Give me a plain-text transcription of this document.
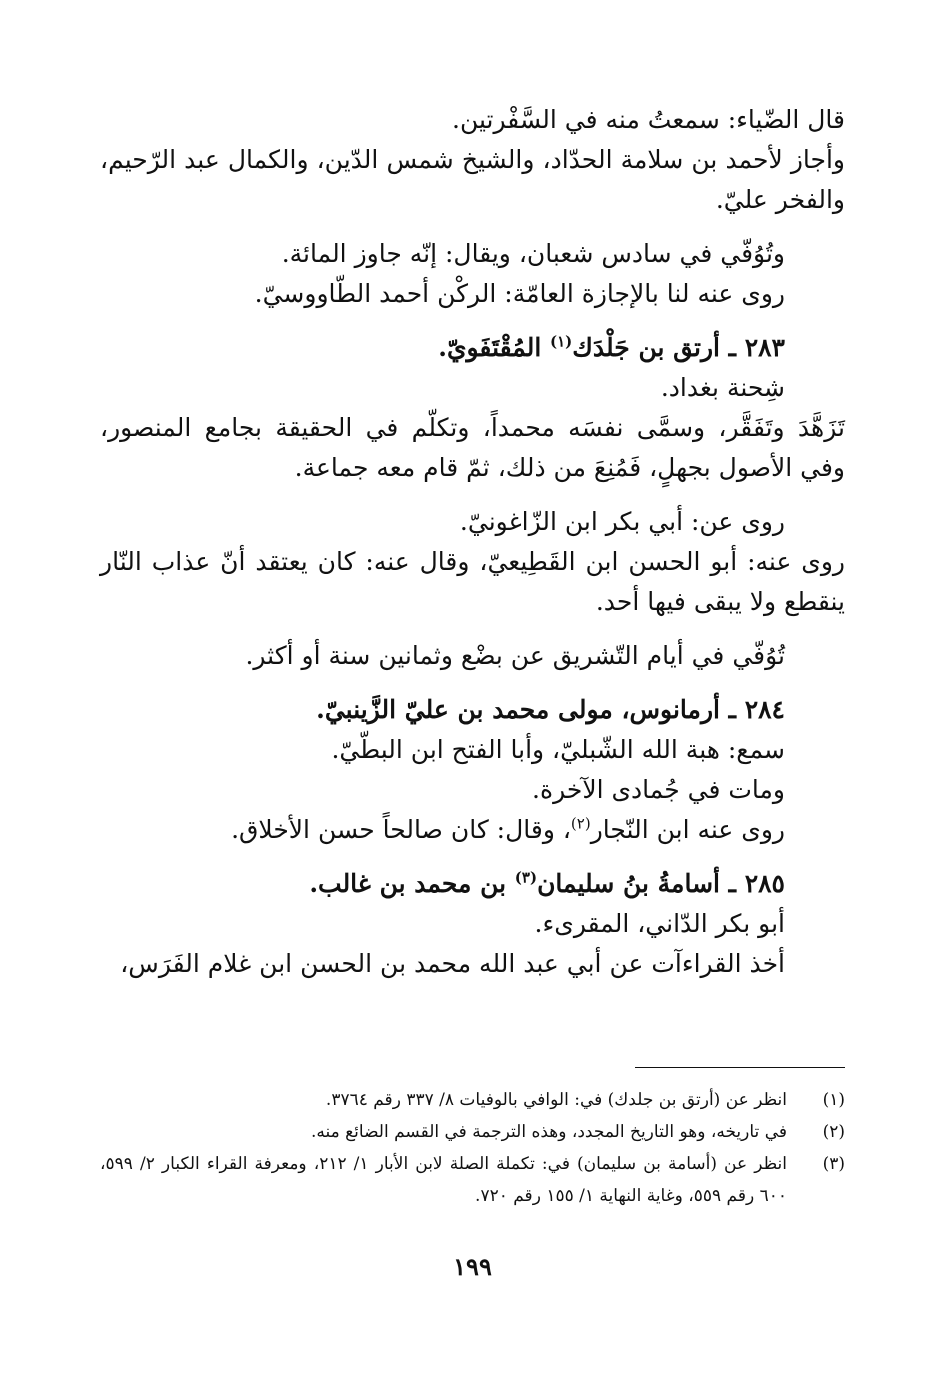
قال الضّياء: سمعتُ منه في السَّفْرتين.

وأجاز لأحمد بن سلامة الحدّاد، والشيخ شمس الدّين، والكمال عبد الرّحيم، والفخر عليّ.

وتُوُفّي في سادس شعبان، ويقال: إنّه جاوز المائة.

روى عنه لنا بالإجازة العامّة: الركْن أحمد الطّاووسيّ.

٢٨٣ ـ أرتق بن جَلْدَك$^{(١)}$ المُقْتَفَويّ.

شِحنة بغداد.

تَزَهَّدَ وتَفَقَّر، وسمَّى نفسَه محمداً، وتكلّم في الحقيقة بجامع المنصور، وفي الأصول بجهلٍ، فَمُنِعَ من ذلك، ثمّ قام معه جماعة.

روى عن: أبي بكر ابن الزّاغونيّ.

روى عنه: أبو الحسن ابن القَطِيعيّ، وقال عنه: كان يعتقد أنّ عذاب النّار ينقطع ولا يبقى فيها أحد.

تُوُفّي في أيام التّشريق عن بضْع وثمانين سنة أو أكثر.

٢٨٤ ـ أرمانوس، مولى محمد بن عليّ الزَّينبيّ.

سمع: هبة الله الشّبليّ، وأبا الفتح ابن البطّيّ.

ومات في جُمادى الآخرة.

روى عنه ابن النّجار$^{(٢)}$، وقال: كان صالحاً حسن الأخلاق.

٢٨٥ ـ أسامةُ بنُ سليمان$^{(٣)}$ بن محمد بن غالب.

أبو بكر الدّاني، المقرىء.

أخذ القراءآت عن أبي عبد الله محمد بن الحسن ابن غلام الفَرَس،

(١)
انظر عن (أرتق بن جلدك) في: الوافي بالوفيات ٨/ ٣٣٧ رقم ٣٧٦٤.
(٢)
في تاريخه، وهو التاريخ المجدد، وهذه الترجمة في القسم الضائع منه.
(٣)
انظر عن (أسامة بن سليمان) في: تكملة الصلة لابن الأبار ١/ ٢١٢، ومعرفة القراء الكبار ٢/ ٥٩٩، ٦٠٠ رقم ٥٥٩، وغاية النهاية ١/ ١٥٥ رقم ٧٢٠.
١٩٩
